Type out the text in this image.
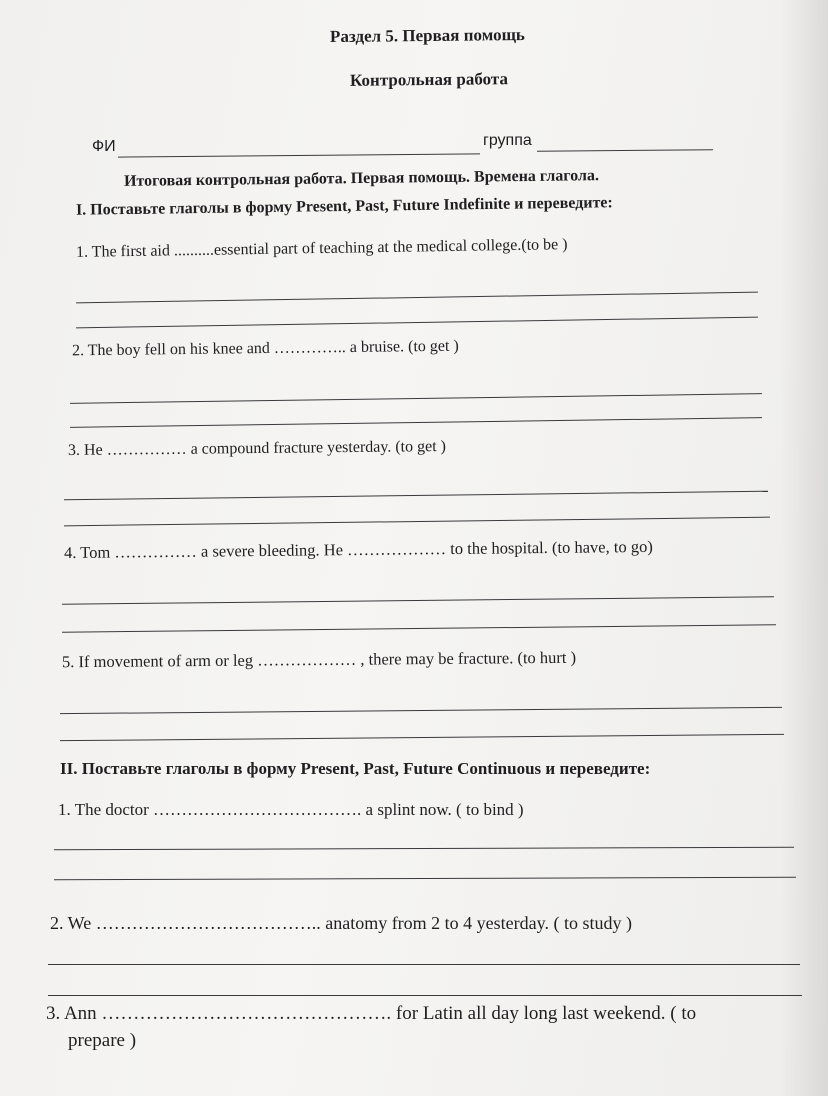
Раздел 5. Первая помощь
Контрольная работа
ФИ	группа
Итоговая контрольная работа. Первая помощь. Времена глагола.
I. Поставьте глаголы в форму Present, Past, Future Indefinite и переведите:
1. The first aid ..........essential part of teaching at the medical college.(to be )
2. The boy fell on his knee and ………….. a bruise. (to get )
3. He …………… a compound fracture yesterday. (to get )
4. Tom …………… a severe bleeding. He ……………… to the hospital. (to have, to go)
5. If movement of arm or leg ……………… , there may be fracture. (to hurt )
II. Поставьте глаголы в форму Present, Past, Future Continuous и переведите:
1. The doctor ………………………………. a splint now. ( to bind )
2. We ……………………………….. anatomy from 2 to 4 yesterday. ( to study )
3. Ann ………………………………………. for Latin all day long last weekend. ( to
prepare )
